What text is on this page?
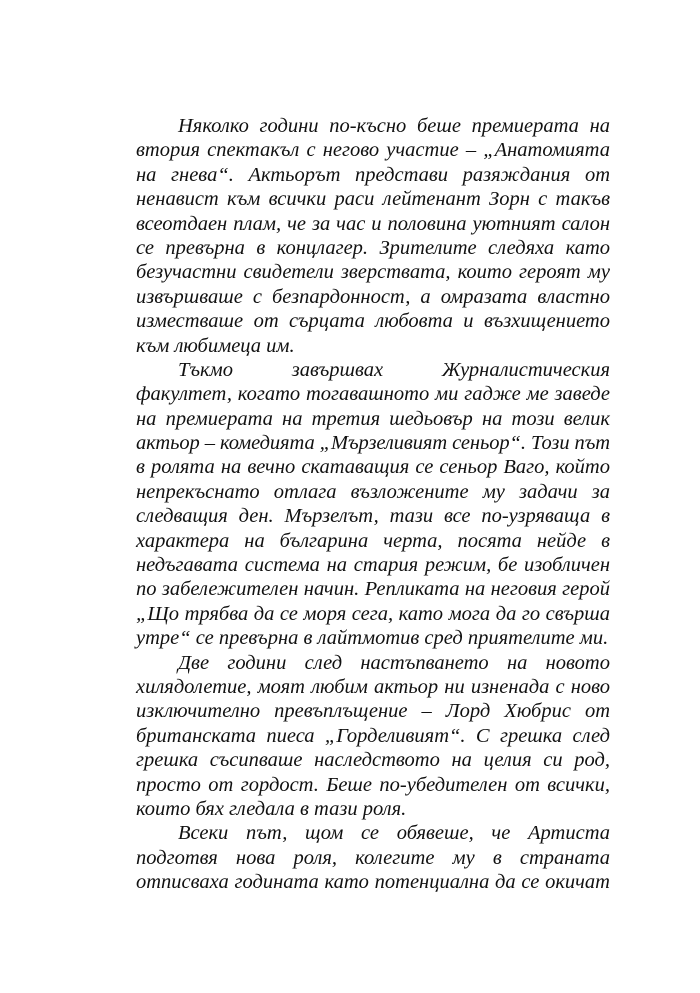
Няколко години по-късно беше премиерата на
втория спектакъл с негово участие – „Анатомията
на гнева“. Актьорът представи разяждания от
ненавист към всички раси лейтенант Зорн с такъв
всеотдаен плам, че за час и половина уютният салон
се превърна в концлагер. Зрителите следяха като
безучастни свидетели зверствата, които героят му
извършваше с безпардонност, а омразата властно
изместваше от сърцата любовта и възхищението
към любимеца им.
Тъкмо завършвах Журналистическия
факултет, когато тогавашното ми гадже ме заведе
на премиерата на третия шедьовър на този велик
актьор – комедията „Мързеливият сеньор“. Този път
в ролята на вечно скатаващия се сеньор Ваго, който
непрекъснато отлага възложените му задачи за
следващия ден. Мързелът, тази все по-узряваща в
характера на българина черта, посята нейде в
недъгавата система на стария режим, бе изобличен
по забележителен начин. Репликата на неговия герой
„Що трябва да се моря сега, като мога да го свърша
утре“ се превърна в лайтмотив сред приятелите ми.
Две години след настъпването на новото
хилядолетие, моят любим актьор ни изненада с ново
изключително превъплъщение – Лорд Хюбрис от
британската пиеса „Горделивият“. С грешка след
грешка съсипваше наследството на целия си род,
просто от гордост. Беше по-убедителен от всички,
които бях гледала в тази роля.
Всеки път, щом се обявеше, че Артиста
подготвя нова роля, колегите му в страната
отписваха годината като потенциална да се окичат
